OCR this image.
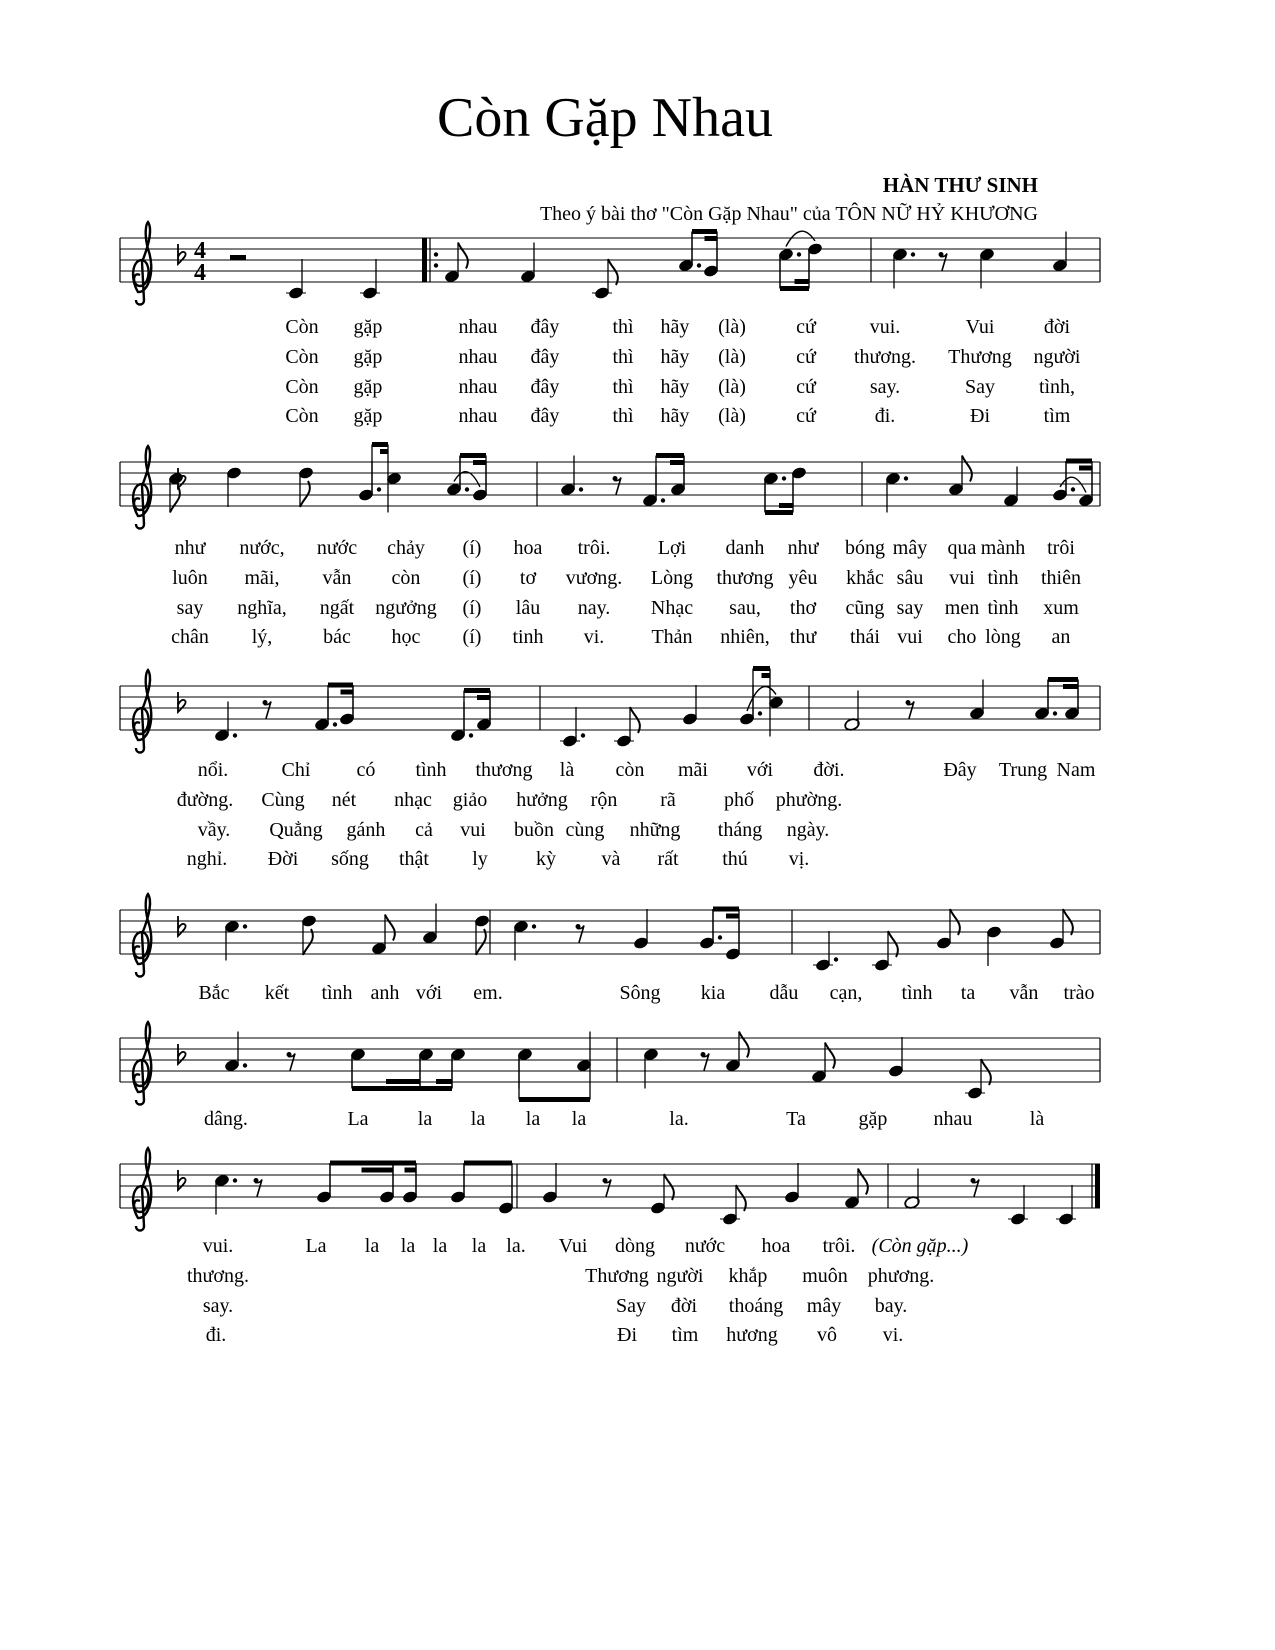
Còn Gặp Nhau
HÀN THƯ SINH
Theo ý bài thơ "Còn Gặp Nhau" của TÔN NỮ HỶ KHƯƠNG
4
4
Còn gặp	nhau đây	thì hãy (là)	cứ	vui.	Vui đời
Còn gặp	nhau đây	thì hãy (là)	cứ thương. Thương người
Còn gặp	nhau đây	thì hãy (là)	cứ	say.	Say tình,
Còn gặp	nhau đây	thì hãy (là)	cứ	đi.	Đi	tìm
như nước, nước chảy (í) hoa trôi. Lợi danh như bóng mây qua mành trôi
luôn mãi, vẫn còn (í) tơ vương. Lòng thương yêu khắc sâu vui tình thiên
say nghĩa, ngất ngưởng (í) lâu nay. Nhạc sau, thơ cũng say men tình xum
chân lý,	bác học (í) tinh vi. Thản nhiên, thư thái vui cho lòng an
nổi.	Chỉ có tình thương là còn mãi với đời.	Đây Trung Nam
đường. Cùng nét nhạc giảo hưởng rộn rã phố phường.
vầy. Quẳng gánh cả vui buồn cùng những tháng ngày.
nghỉ. Đời sống thật ly kỳ và rất thú vị.
Bắc kết tình anh với em.	Sông kia dẫu cạn, tình ta vẫn trào
dâng.	La la la la la	la.	Ta	gặp nhau	là
vui.	La la la la la la. Vui dòng nước hoa trôi. (Còn gặp...)
thương.	Thương người khắp muôn phương.
say.	Say đời thoáng mây bay.
đi.	Đi tìm hương vô vi.
